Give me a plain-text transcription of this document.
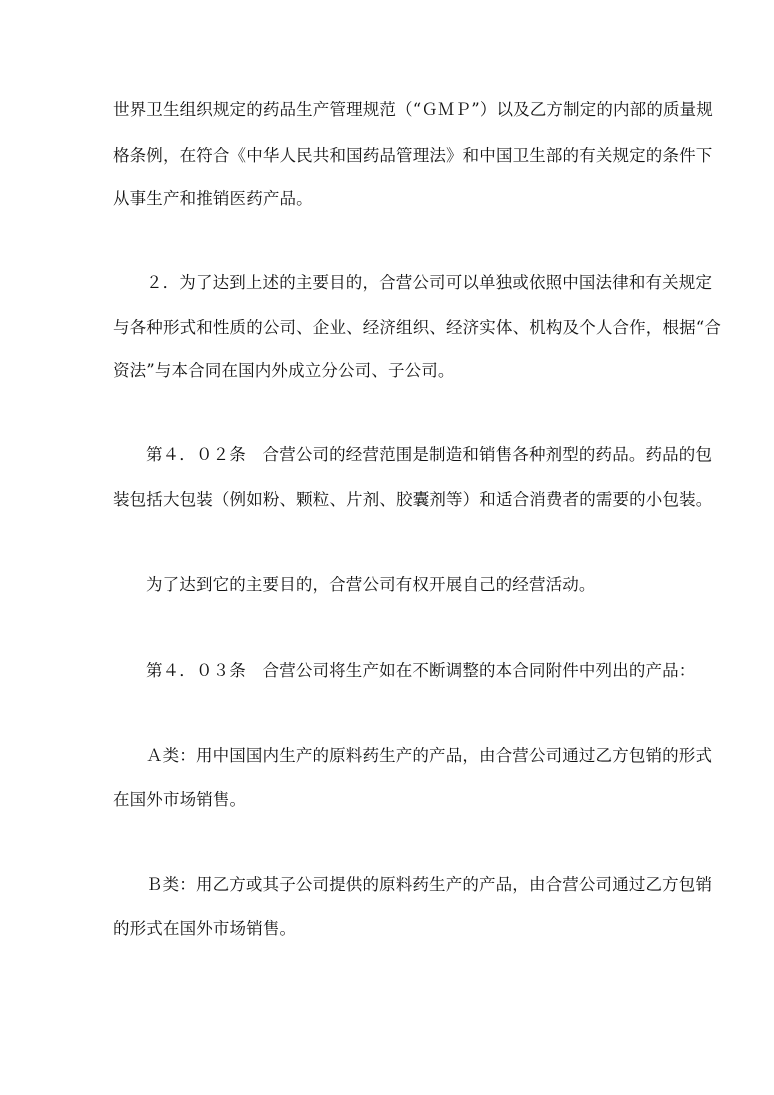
世界卫生组织规定的药品生产管理规范（“ＧＭＰ”）以及乙方制定的内部的质量规
格条例，在符合《中华人民共和国药品管理法》和中国卫生部的有关规定的条件下
从事生产和推销医药产品。
２．为了达到上述的主要目的，合营公司可以单独或依照中国法律和有关规定
与各种形式和性质的公司、企业、经济组织、经济实体、机构及个人合作，根据“合
资法”与本合同在国内外成立分公司、子公司。
第４．０２条　合营公司的经营范围是制造和销售各种剂型的药品。药品的包
装包括大包装（例如粉、颗粒、片剂、胶囊剂等）和适合消费者的需要的小包装。
为了达到它的主要目的，合营公司有权开展自己的经营活动。
第４．０３条　合营公司将生产如在不断调整的本合同附件中列出的产品：
Ａ类：用中国国内生产的原料药生产的产品，由合营公司通过乙方包销的形式
在国外市场销售。
Ｂ类：用乙方或其子公司提供的原料药生产的产品，由合营公司通过乙方包销
的形式在国外市场销售。
